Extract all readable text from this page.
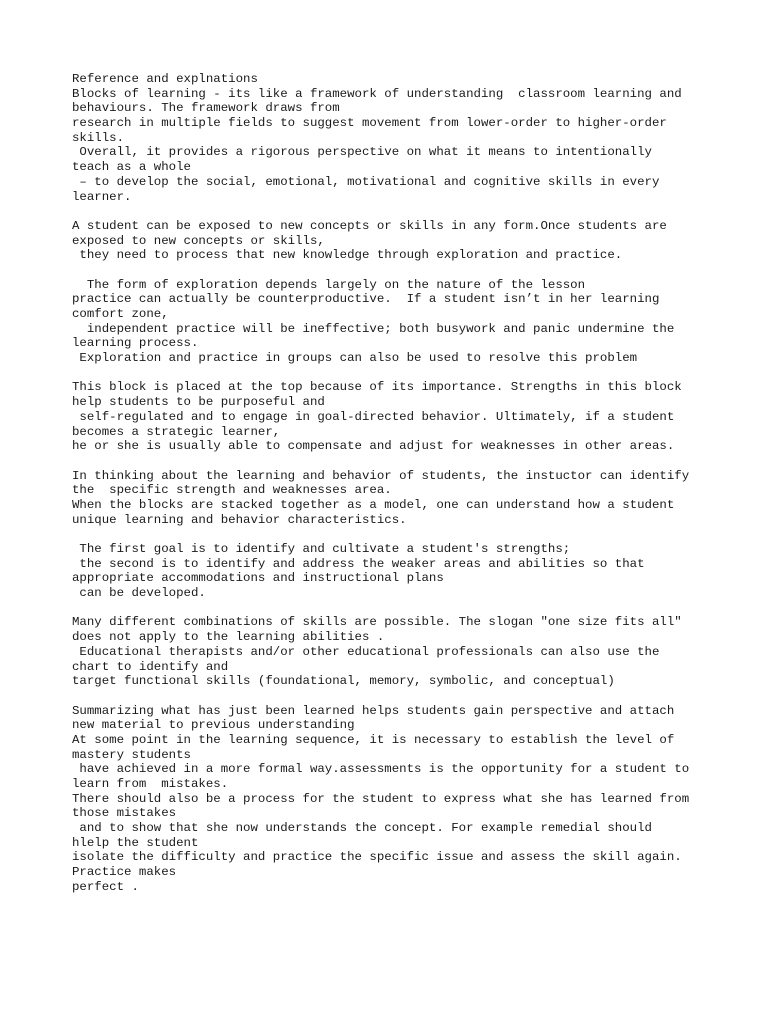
Reference and explnations
Blocks of learning - its like a framework of understanding  classroom learning and
behaviours. The framework draws from
research in multiple fields to suggest movement from lower-order to higher-order
skills.
Overall, it provides a rigorous perspective on what it means to intentionally
teach as a whole
– to develop the social, emotional, motivational and cognitive skills in every
learner.
A student can be exposed to new concepts or skills in any form.Once students are
exposed to new concepts or skills,
they need to process that new knowledge through exploration and practice.
The form of exploration depends largely on the nature of the lesson
practice can actually be counterproductive.  If a student isn’t in her learning
comfort zone,
independent practice will be ineffective; both busywork and panic undermine the
learning process.
Exploration and practice in groups can also be used to resolve this problem
This block is placed at the top because of its importance. Strengths in this block
help students to be purposeful and
self-regulated and to engage in goal-directed behavior. Ultimately, if a student
becomes a strategic learner,
he or she is usually able to compensate and adjust for weaknesses in other areas.
In thinking about the learning and behavior of students, the instuctor can identify
the  specific strength and weaknesses area.
When the blocks are stacked together as a model, one can understand how a student
unique learning and behavior characteristics.
The first goal is to identify and cultivate a student's strengths;
the second is to identify and address the weaker areas and abilities so that
appropriate accommodations and instructional plans
can be developed.
Many different combinations of skills are possible. The slogan "one size fits all"
does not apply to the learning abilities .
Educational therapists and/or other educational professionals can also use the
chart to identify and
target functional skills (foundational, memory, symbolic, and conceptual)
Summarizing what has just been learned helps students gain perspective and attach
new material to previous understanding
At some point in the learning sequence, it is necessary to establish the level of
mastery students
have achieved in a more formal way.assessments is the opportunity for a student to
learn from  mistakes.
There should also be a process for the student to express what she has learned from
those mistakes
and to show that she now understands the concept. For example remedial should
hlelp the student
isolate the difficulty and practice the specific issue and assess the skill again.
Practice makes
perfect .
